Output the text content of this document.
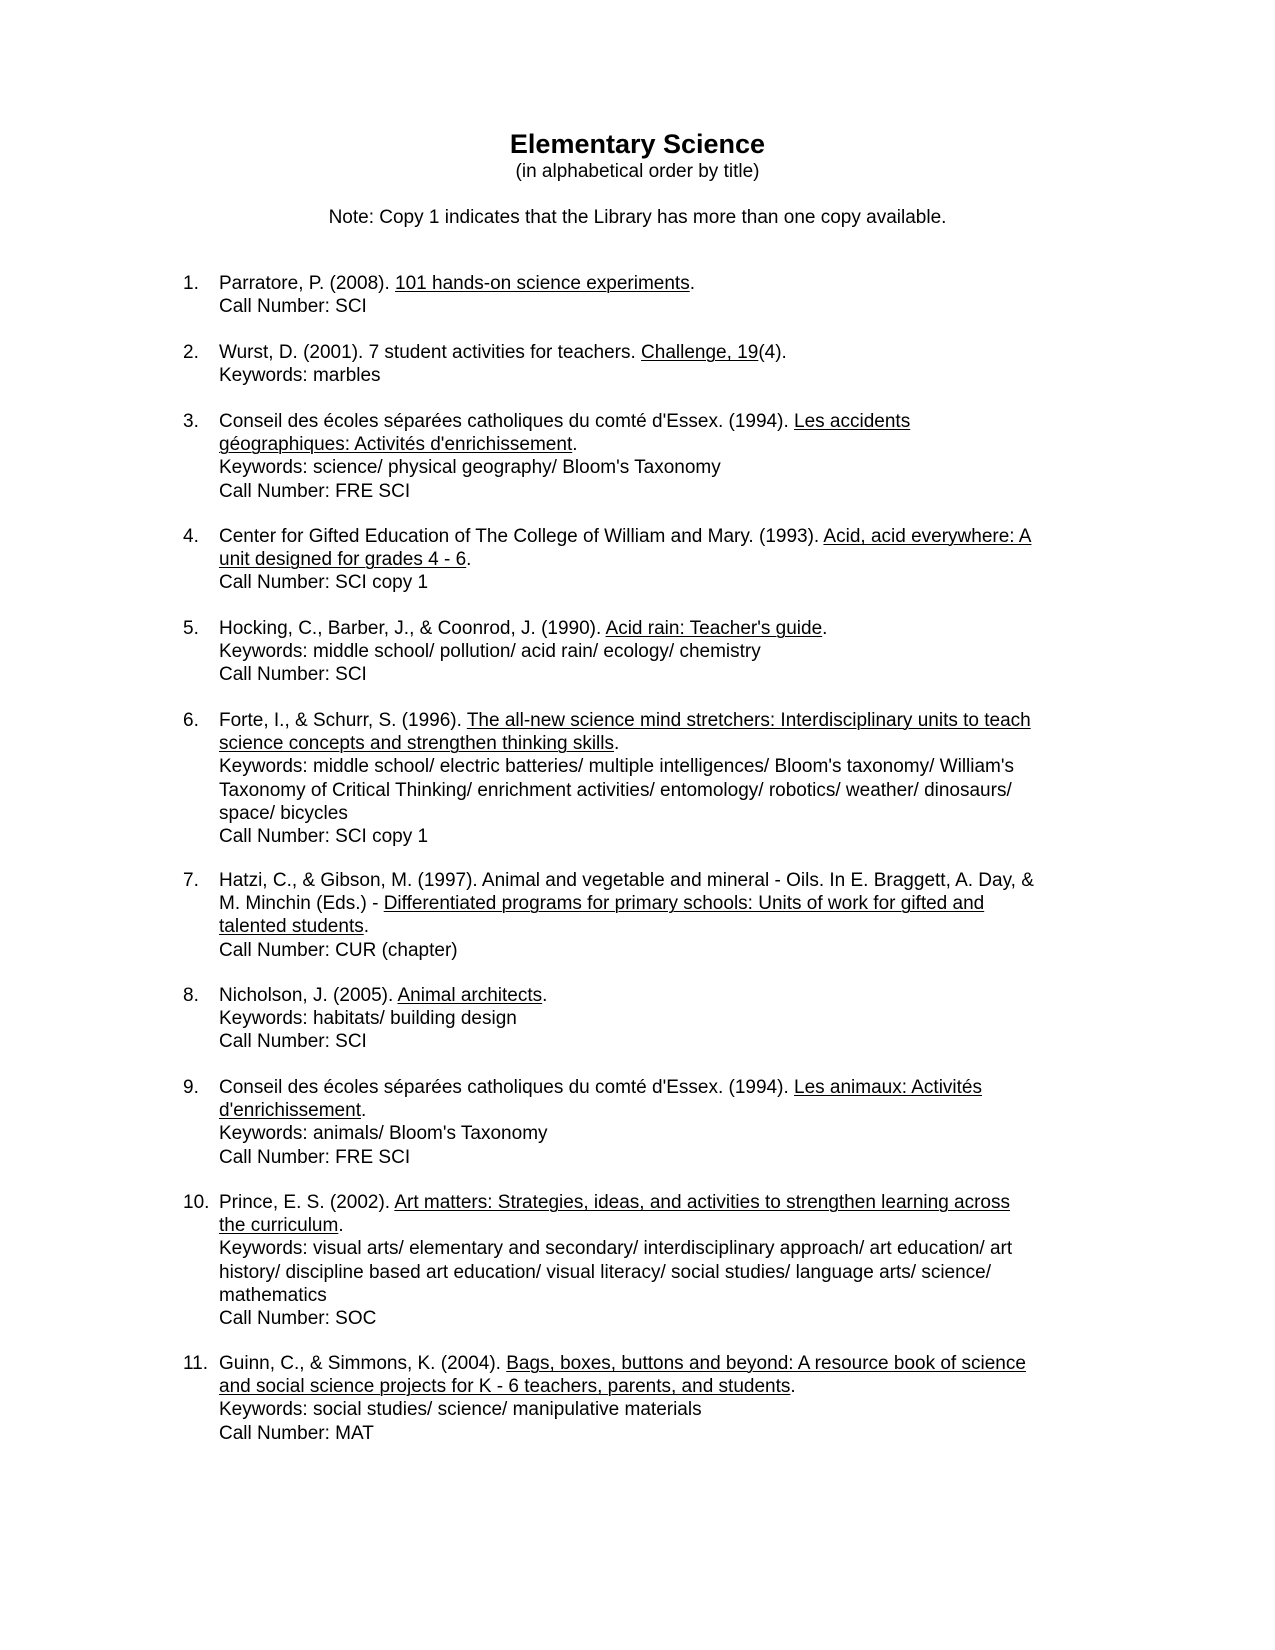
Elementary Science
(in alphabetical order by title)
Note: Copy 1 indicates that the Library has more than one copy available.
1. Parratore, P. (2008). 101 hands-on science experiments.
Call Number: SCI
2. Wurst, D. (2001). 7 student activities for teachers. Challenge, 19(4).
Keywords: marbles
3. Conseil des écoles séparées catholiques du comté d'Essex. (1994). Les accidents
géographiques: Activités d'enrichissement.
Keywords: science/ physical geography/ Bloom's Taxonomy
Call Number: FRE SCI
4. Center for Gifted Education of The College of William and Mary. (1993). Acid, acid everywhere: A
unit designed for grades 4 - 6.
Call Number: SCI copy 1
5. Hocking, C., Barber, J., & Coonrod, J. (1990). Acid rain: Teacher's guide.
Keywords: middle school/ pollution/ acid rain/ ecology/ chemistry
Call Number: SCI
6. Forte, I., & Schurr, S. (1996). The all-new science mind stretchers: Interdisciplinary units to teach
science concepts and strengthen thinking skills.
Keywords: middle school/ electric batteries/ multiple intelligences/ Bloom's taxonomy/ William's
Taxonomy of Critical Thinking/ enrichment activities/ entomology/ robotics/ weather/ dinosaurs/
space/ bicycles
Call Number: SCI copy 1
7. Hatzi, C., & Gibson, M. (1997). Animal and vegetable and mineral - Oils. In E. Braggett, A. Day, &
M. Minchin (Eds.) - Differentiated programs for primary schools: Units of work for gifted and
talented students.
Call Number: CUR (chapter)
8. Nicholson, J. (2005). Animal architects.
Keywords: habitats/ building design
Call Number: SCI
9. Conseil des écoles séparées catholiques du comté d'Essex. (1994). Les animaux: Activités
d'enrichissement.
Keywords: animals/ Bloom's Taxonomy
Call Number: FRE SCI
10. Prince, E. S. (2002). Art matters: Strategies, ideas, and activities to strengthen learning across
the curriculum.
Keywords: visual arts/ elementary and secondary/ interdisciplinary approach/ art education/ art
history/ discipline based art education/ visual literacy/ social studies/ language arts/ science/
mathematics
Call Number: SOC
11. Guinn, C., & Simmons, K. (2004). Bags, boxes, buttons and beyond: A resource book of science
and social science projects for K - 6 teachers, parents, and students.
Keywords: social studies/ science/ manipulative materials
Call Number: MAT
